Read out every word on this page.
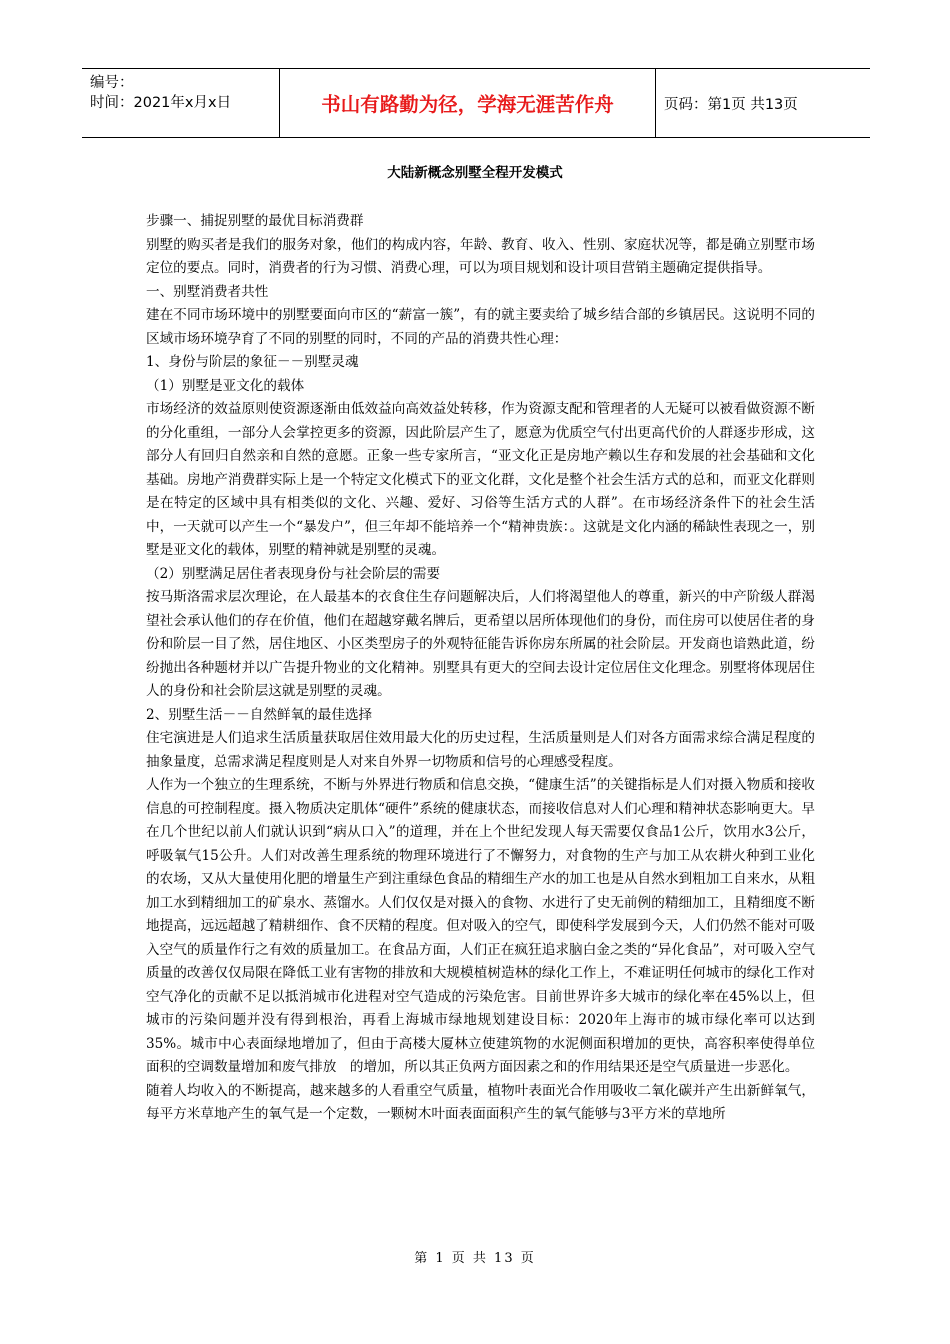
编号：
时间：2021年x月x日	书山有路勤为径，学海无涯苦作舟	页码：第1页 共13页
大陆新概念别墅全程开发模式

步骤一、捕捉别墅的最优目标消费群

别墅的购买者是我们的服务对象，他们的构成内容，年龄、教育、收入、性别、家庭状况等，都是确立别墅市场定位的要点。同时，消费者的行为习惯、消费心理，可以为项目规划和设计项目营销主题确定提供指导。

一、别墅消费者共性

建在不同市场环境中的别墅要面向市区的“薪富一簇”，有的就主要卖给了城乡结合部的乡镇居民。这说明不同的区域市场环境孕育了不同的别墅的同时，不同的产品的消费共性心理：

1、身份与阶层的象征－－别墅灵魂

（1）别墅是亚文化的载体

市场经济的效益原则使资源逐渐由低效益向高效益处转移，作为资源支配和管理者的人无疑可以被看做资源不断的分化重组，一部分人会掌控更多的资源，因此阶层产生了，愿意为优质空气付出更高代价的人群逐步形成，这部分人有回归自然亲和自然的意愿。正象一些专家所言，“亚文化正是房地产赖以生存和发展的社会基础和文化基础。房地产消费群实际上是一个特定文化模式下的亚文化群，文化是整个社会生活方式的总和，而亚文化群则是在特定的区域中具有相类似的文化、兴趣、爱好、习俗等生活方式的人群”。在市场经济条件下的社会生活中，一天就可以产生一个“暴发户”，但三年却不能培养一个“精神贵族：。这就是文化内涵的稀缺性表现之一，别墅是亚文化的载体，别墅的精神就是别墅的灵魂。

（2）别墅满足居住者表现身份与社会阶层的需要

按马斯洛需求层次理论，在人最基本的衣食住生存问题解决后，人们将渴望他人的尊重，新兴的中产阶级人群渴望社会承认他们的存在价值，他们在超越穿戴名牌后，更希望以居所体现他们的身份，而住房可以使居住者的身份和阶层一目了然，居住地区、小区类型房子的外观特征能告诉你房东所属的社会阶层。开发商也谙熟此道，纷纷抛出各种题材并以广告提升物业的文化精神。别墅具有更大的空间去设计定位居住文化理念。别墅将体现居住人的身份和社会阶层这就是别墅的灵魂。

2、别墅生活－－自然鲜氧的最佳选择

住宅演进是人们追求生活质量获取居住效用最大化的历史过程，生活质量则是人们对各方面需求综合满足程度的抽象量度，总需求满足程度则是人对来自外界一切物质和信号的心理感受程度。

人作为一个独立的生理系统，不断与外界进行物质和信息交换，“健康生活”的关键指标是人们对摄入物质和接收信息的可控制程度。摄入物质决定肌体“硬件”系统的健康状态，而接收信息对人们心理和精神状态影响更大。早在几个世纪以前人们就认识到“病从口入”的道理，并在上个世纪发现人每天需要仅食品1公斤，饮用水3公斤，呼吸氧气15公升。人们对改善生理系统的物理环境进行了不懈努力，对食物的生产与加工从农耕火种到工业化的农场，又从大量使用化肥的增量生产到注重绿色食品的精细生产水的加工也是从自然水到粗加工自来水，从粗加工水到精细加工的矿泉水、蒸馏水。人们仅仅是对摄入的食物、水进行了史无前例的精细加工，且精细度不断地提高，远远超越了精耕细作、食不厌精的程度。但对吸入的空气，即使科学发展到今天，人们仍然不能对可吸入空气的质量作行之有效的质量加工。在食品方面，人们正在疯狂追求脑白金之类的“异化食品”，对可吸入空气质量的改善仅仅局限在降低工业有害物的排放和大规模植树造林的绿化工作上，不难证明任何城市的绿化工作对空气净化的贡献不足以抵消城市化进程对空气造成的污染危害。目前世界许多大城市的绿化率在45%以上，但城市的污染问题并没有得到根治，再看上海城市绿地规划建设目标：2020年上海市的城市绿化率可以达到35%。城市中心表面绿地增加了，但由于高楼大厦林立使建筑物的水泥侧面积增加的更快，高容积率使得单位面积的空调数量增加和废气排放　的增加，所以其正负两方面因素之和的作用结果还是空气质量进一步恶化。

随着人均收入的不断提高，越来越多的人看重空气质量，植物叶表面光合作用吸收二氧化碳并产生出新鲜氧气，每平方米草地产生的氧气是一个定数，一颗树木叶面表面面积产生的氧气能够与3平方米的草地所

第 1 页 共 13 页
